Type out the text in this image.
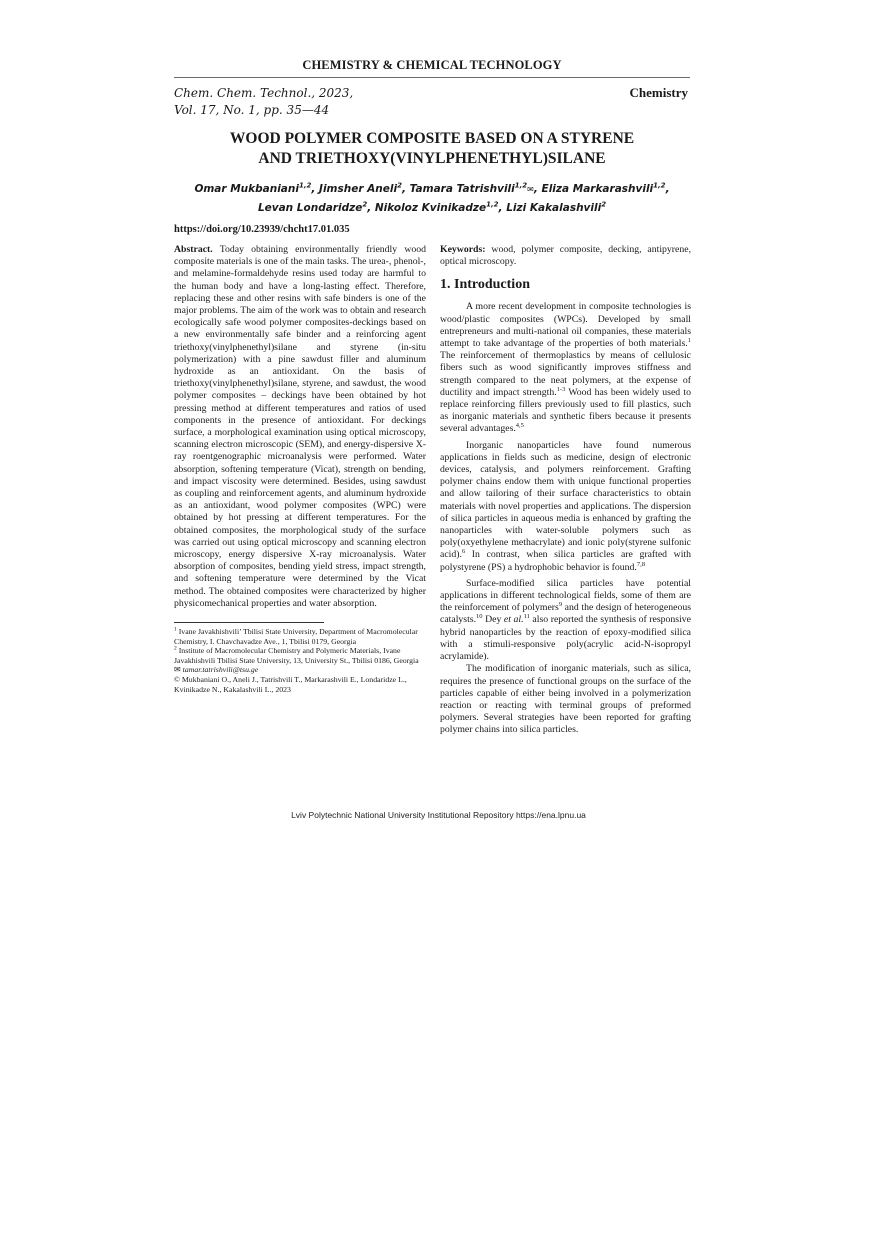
CHEMISTRY & CHEMICAL TECHNOLOGY
Chem. Chem. Technol., 2023,
Vol. 17, No. 1, pp. 35—44
Chemistry
WOOD POLYMER COMPOSITE BASED ON A STYRENE
AND TRIETHOXY(VINYLPHENETHYL)SILANE
Omar Mukbaniani$^{1,2}$, Jimsher Aneli$^2$, Tamara Tatrishvili$^{1,2}$✉, Eliza Markarashvili$^{1,2}$,
Levan Londaridze$^2$, Nikoloz Kvinikadze$^{1,2}$, Lizi Kakalashvili$^2$
https://doi.org/10.23939/chcht17.01.035

Abstract. Today obtaining environmentally friendly wood composite materials is one of the main tasks. The urea-, phenol-, and melamine-formaldehyde resins used today are harmful to the human body and have a long-lasting effect. Therefore, replacing these and other resins with safe binders is one of the major problems. The aim of the work was to obtain and research ecologically safe wood polymer composites-deckings based on a new environmentally safe binder and a reinforcing agent triethoxy(vinylphenethyl)silane and styrene (in-situ polymerization) with a pine sawdust filler and aluminum hydroxide as an antioxidant. On the basis of triethoxy(vinylphenethyl)silane, styrene, and sawdust, the wood polymer composites – deckings have been obtained by hot pressing method at different temperatures and ratios of used components in the presence of antioxidant. For deckings surface, a morphological examination using optical microscopy, scanning electron microscopic (SEM), and energy-dispersive X-ray roentgenographic microanalysis were performed. Water absorption, softening temperature (Vicat), strength on bending, and impact viscosity were determined. Besides, using sawdust as coupling and reinforcement agents, and aluminum hydroxide as an antioxidant, wood polymer composites (WPC) were obtained by hot pressing at different temperatures. For the obtained composites, the morphological study of the surface was carried out using optical microscopy and scanning electron microscopy, energy dispersive X-ray microanalysis. Water absorption of composites, bending yield stress, impact strength, and softening temperature were determined by the Vicat method. The obtained composites were characterized by higher physicomechanical properties and water absorption.

$^1$ Ivane Javakhishvili’ Tbilisi State University, Department of Macromolecular Chemistry, I. Chavchavadze Ave., 1, Tbilisi 0179, Georgia
$^2$ Institute of Macromolecular Chemistry and Polymeric Materials, Ivane Javakhishvili Tbilisi State University, 13, University St., Tbilisi 0186, Georgia
✉ tamar.tatrishvili@tsu.ge
© Mukbaniani O., Aneli J., Tatrishvili T., Markarashvili E., Londaridze L., Kvinikadze N., Kakalashvili L., 2023

Keywords: wood, polymer composite, decking, antipyrene, optical microscopy.

1. Introduction

A more recent development in composite technologies is wood/plastic composites (WPCs). Developed by small entrepreneurs and multi-national oil companies, these materials attempt to take advantage of the properties of both materials.$^1$ The reinforcement of thermoplastics by means of cellulosic fibers such as wood significantly improves stiffness and strength compared to the neat polymers, at the expense of ductility and impact strength.$^{1-3}$ Wood has been widely used to replace reinforcing fillers previously used to fill plastics, such as inorganic materials and synthetic fibers because it presents several advantages.$^{4,5}$

Inorganic nanoparticles have found numerous applications in fields such as medicine, design of electronic devices, catalysis, and polymers reinforcement. Grafting polymer chains endow them with unique functional properties and allow tailoring of their surface characteristics to obtain materials with novel properties and applications. The dispersion of silica particles in aqueous media is enhanced by grafting the nanoparticles with water-soluble polymers such as poly(oxyethylene methacrylate) and ionic poly(styrene sulfonic acid).$^6$ In contrast, when silica particles are grafted with polystyrene (PS) a hydrophobic behavior is found.$^{7,8}$

Surface-modified silica particles have potential applications in different technological fields, some of them are the reinforcement of polymers$^9$ and the design of heterogeneous catalysts.$^{10}$ Dey et al.$^{11}$ also reported the synthesis of responsive hybrid nanoparticles by the reaction of epoxy-modified silica with a stimuli-responsive poly(acrylic acid-N-isopropyl acrylamide).

The modification of inorganic materials, such as silica, requires the presence of functional groups on the surface of the particles capable of either being involved in a polymerization reaction or reacting with terminal groups of preformed polymers. Several strategies have been reported for grafting polymer chains into silica particles.

Lviv Polytechnic National University Institutional Repository https://ena.lpnu.ua
